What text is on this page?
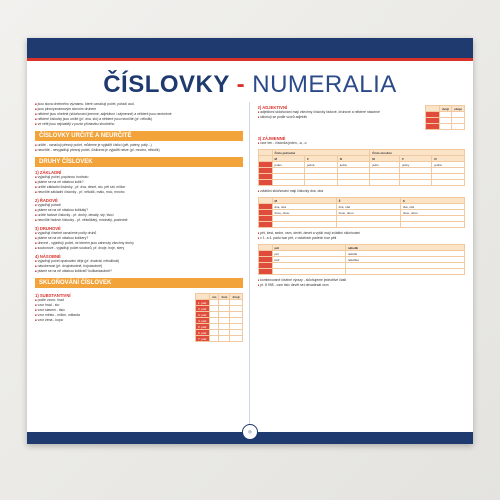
ČÍSLOVKY - NUMERALIA
■ jsou slova ohebného významu, které označují počet, pořadí aod.
■ jsou plnovýznamovým slovním druhem
■ některé jsou ohebné (skloňování jmenné, adjektivní i zájmenné) a některé jsou neohebné
■ některé číslovky jsou určité (př. dva, sto) a některé jsou neurčité (př. několik)
■ ve větě jsou nejčastěji v pozici přívlastku shodného
ČÍSLOVKY URČITÉ A NEURČITÉ
■ určité - označují přesný počet, můžeme je vyjádřit číslicí (pět, patery, pátý...)
■ neurčité - nevyjadřují přesný počet, číslicemi je vyjádřit nelze (př. mnoho, několik)
DRUHY ČÍSLOVEK
1) ZÁKLADNÍ
■ vyjadřují počet, popisnou hodnotu
■ ptáme se na ně otázkou kolik?
■ určité základní číslovky - př. dva, deset, sto, pět set, milion
■ neurčité základní číslovky - př. několik, málo, moc, mnoho
2) ŘADOVÉ
■ vyjadřují pořadí
■ ptáme se na ně otázkou kolikátý?
■ určité řadové číslovky - př. druhý, desátý, stý, tisící
■ neurčité řadové číslovky - př. několikátý, mnohátý, posledně
3) DRUHOVÉ
■ vyjadřují číselně označené počty druhů
■ ptáme se na ně otázkou kolikery?
■ úhrnné - vyjadřují počet, ve kterém jsou zahrnuty všechny druhy
■ souborové - vyjadřují počet souborů, př. dvoje, troje, stery
4) NÁSOBNÉ
■ vyjadřují počet opakování děje (př. dvakrát, několikrát)
■ násobenost (př. dvojnásobně, trojnásobně)
■ ptáme se na ně otázkou kolikrát? kolikanásobně?
SKLOŇOVÁNÍ ČÍSLOVEK
1) SUBSTANTIVNÍ
■ podle vzoru: hrad
■ vzor hrad - sto
■ vzor stavení - tisíc
■ vzor město - milion, miliarda
■ vzor žena - kopa
	sto	tisíc	dvojí
1. pád			
2. pád			
3. pád			
4. pád			
5. pád			
6. pád			
7. pád			
2) ADJEKTIVNÍ
■ adjektivní skloňování mají všechny číslovky řadové, druhové a některé násobné
■ skloňují se podle vzorů adjektiv
	dvojí	oboje

3) ZÁJMENNÉ
■ vzor ten - číslovka jeden, -a, -o
	Číslo jednotné			Číslo množné		
	M	F	N	M	F	N
	jeden	jedna	jedno	jedni	jedny	jedna

■ zvláštní skloňování mají číslovky dva, oba
	M	Ž	S
	dva, oba	dvě, obě	dvě, obě
	dvou, obou	dvou, obou	dvou, obou

■ pět, šest, sedm, osm, devět, deset a vyšší mají zvláštní skloňování
■ v 1. a 4. pádu tvar pět, v ostatních pádech tvar pěti
	pět	několik
	pět	několik
	pěti	několika

■ kombinované číselné výrazy - skloňujeme jednotlivé části
■ př. 8 998 - osm tisíc devět set devadesát osm
◎
